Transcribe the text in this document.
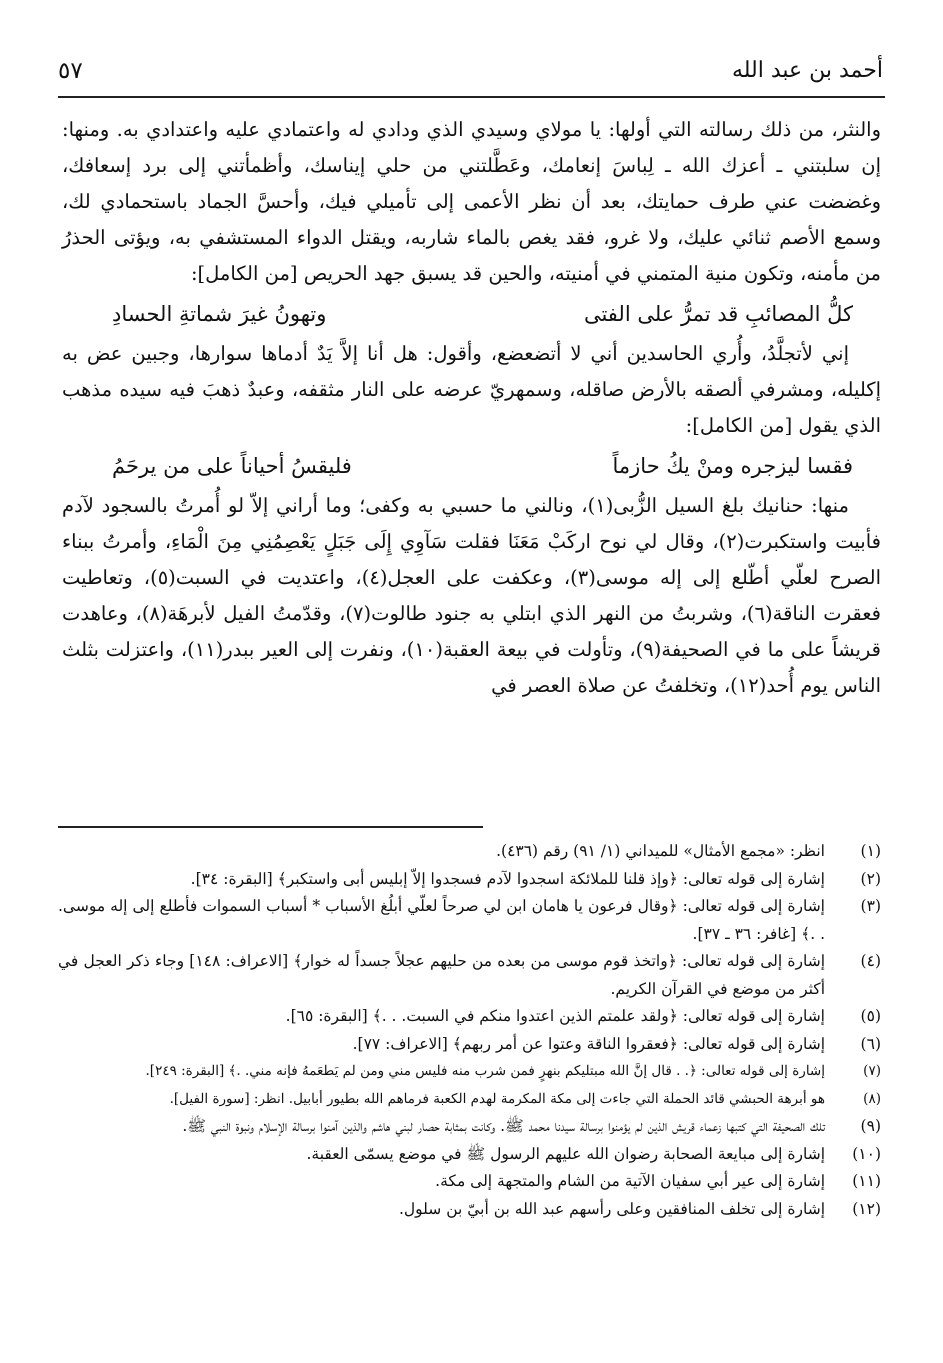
أحمد بن عبد الله
٥٧

والنثر، من ذلك رسالته التي أولها: يا مولاي وسيدي الذي ودادي له واعتمادي عليه واعتدادي به. ومنها: إن سلبتني ـ أعزك الله ـ لِباسَ إنعامك، وعَطَّلتني من حلي إيناسك، وأظمأتني إلى برد إسعافك، وغضضت عني طرف حمايتك، بعد أن نظر الأعمى إلى تأميلي فيك، وأحسَّ الجماد باستحمادي لك، وسمع الأصم ثنائي عليك، ولا غرو، فقد يغص بالماء شاربه، ويقتل الدواء المستشفي به، ويؤتى الحذرُ من مأمنه، وتكون منية المتمني في أمنيته، والحين قد يسبق جهد الحريص [من الكامل]:

كلُّ المصائبِ قد تمرُّ على الفتى
وتهونُ غيرَ شماتةِ الحسادِ

إني لأتجلَّدُ، وأُري الحاسدين أني لا أتضعضع، وأقول: هل أنا إلاَّ يَدٌ أدماها سوارها، وجبين عض به إكليله، ومشرفي ألصقه بالأرض صاقله، وسمهريّ عرضه على النار مثقفه، وعبدٌ ذهبَ فيه سيده مذهب الذي يقول [من الكامل]:

فقسا ليزجره ومنْ يكُ حازماً
فليقسُ أحياناً على من يرحَمُ

منها: حنانيك بلغ السيل الزُّبى(١)، ونالني ما حسبي به وكفى؛ وما أراني إلاّ لو أُمرتُ بالسجود لآدم فأبيت واستكبرت(٢)، وقال لي نوح اركَبْ مَعَنَا فقلت سَآوِي إِلَى جَبَلٍ يَعْصِمُنِي مِنَ الْمَاءِ، وأمرتُ ببناء الصرح لعلّي أطّلع إلى إله موسى(٣)، وعكفت على العجل(٤)، واعتديت في السبت(٥)، وتعاطيت فعقرت الناقة(٦)، وشربتُ من النهر الذي ابتلي به جنود طالوت(٧)، وقدّمتُ الفيل لأبرهَة(٨)، وعاهدت قريشاً على ما في الصحيفة(٩)، وتأولت في بيعة العقبة(١٠)، ونفرت إلى العير ببدر(١١)، واعتزلت بثلث الناس يوم أُحد(١٢)، وتخلفتُ عن صلاة العصر في

(١)
انظر: «مجمع الأمثال» للميداني (١/ ٩١) رقم (٤٣٦).
(٢)
إشارة إلى قوله تعالى: ﴿وإذ قلنا للملائكة اسجدوا لآدم فسجدوا إلاّ إبليس أبى واستكبر﴾ [البقرة: ٣٤].
(٣)
إشارة إلى قوله تعالى: ﴿وقال فرعون يا هامان ابن لي صرحاً لعلّي أبلُغ الأسباب * أسباب السموات فأطلع إلى إله موسى. . .﴾ [غافر: ٣٦ ـ ٣٧].
(٤)
إشارة إلى قوله تعالى: ﴿واتخذ قوم موسى من بعده من حليهم عجلاً جسداً له خوار﴾ [الاعراف: ١٤٨] وجاء ذكر العجل في أكثر من موضع في القرآن الكريم.
(٥)
إشارة إلى قوله تعالى: ﴿ولقد علمتم الذين اعتدوا منكم في السبت. . .﴾ [البقرة: ٦٥].
(٦)
إشارة إلى قوله تعالى: ﴿فعقروا الناقة وعتوا عن أمر ربهم﴾ [الاعراف: ٧٧].
(٧)
إشارة إلى قوله تعالى: ﴿. . قال إنَّ الله مبتليكم بنهرٍ فمن شرب منه فليس مني ومن لم يَطعَمهُ فإنه مني. .﴾ [البقرة: ٢٤٩].
(٨)
هو أبرهة الحبشي قائد الحملة التي جاءت إلى مكة المكرمة لهدم الكعبة فرماهم الله بطيور أبابيل. انظر: [سورة الفيل].
(٩)
تلك الصحيفة التي كتبها زعماء قريش الذين لم يؤمنوا برسالة سيدنا محمد ﷺ. وكانت بمثابة حصار لبني هاشم والذين آمنوا برسالة الإسلام ونبوة النبي ﷺ.
(١٠)
إشارة إلى مبايعة الصحابة رضوان الله عليهم الرسول ﷺ في موضع يسمّى العقبة.
(١١)
إشارة إلى عير أبي سفيان الآتية من الشام والمتجهة إلى مكة.
(١٢)
إشارة إلى تخلف المنافقين وعلى رأسهم عبد الله بن أبيّ بن سلول.
